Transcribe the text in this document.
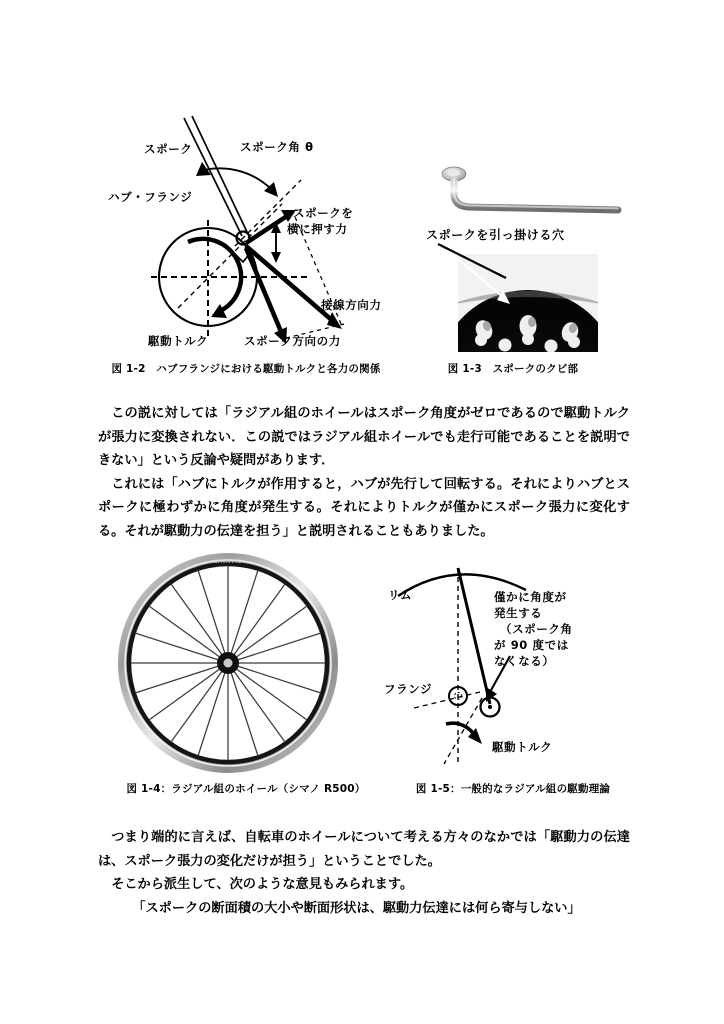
スポーク	スポーク角 θ
ハブ・フランジ
スポークを
横に押す力
接線方向力
スポーク方向の力
駆動トルク
スポークを引っ掛ける穴
図 1-2　ハブフランジにおける駆動トルクと各力の関係	図 1-3　スポークのクビ部

この説に対しては「ラジアル組のホイールはスポーク角度がゼロであるので駆動トルクが張力に変換されない．この説ではラジアル組ホイールでも走行可能であることを説明できない」という反論や疑問があります．

これには「ハブにトルクが作用すると，ハブが先行して回転する。それによりハブとスポークに極わずかに角度が発生する。それによりトルクが僅かにスポーク張力に変化する。それが駆動力の伝達を担う」と説明されることもありました。

SHIMANO
リム
フランジ
駆動トルク
僅かに角度が
発生する
（スポーク角
が 90 度では
なくなる）
図 1-4：ラジアル組のホイール（シマノ R500）	図 1-5：一般的なラジアル組の駆動理論

つまり端的に言えば、自転車のホイールについて考える方々のなかでは「駆動力の伝達は、スポーク張力の変化だけが担う」ということでした。

そこから派生して、次のような意見もみられます。

「スポークの断面積の大小や断面形状は、駆動力伝達には何ら寄与しない」
